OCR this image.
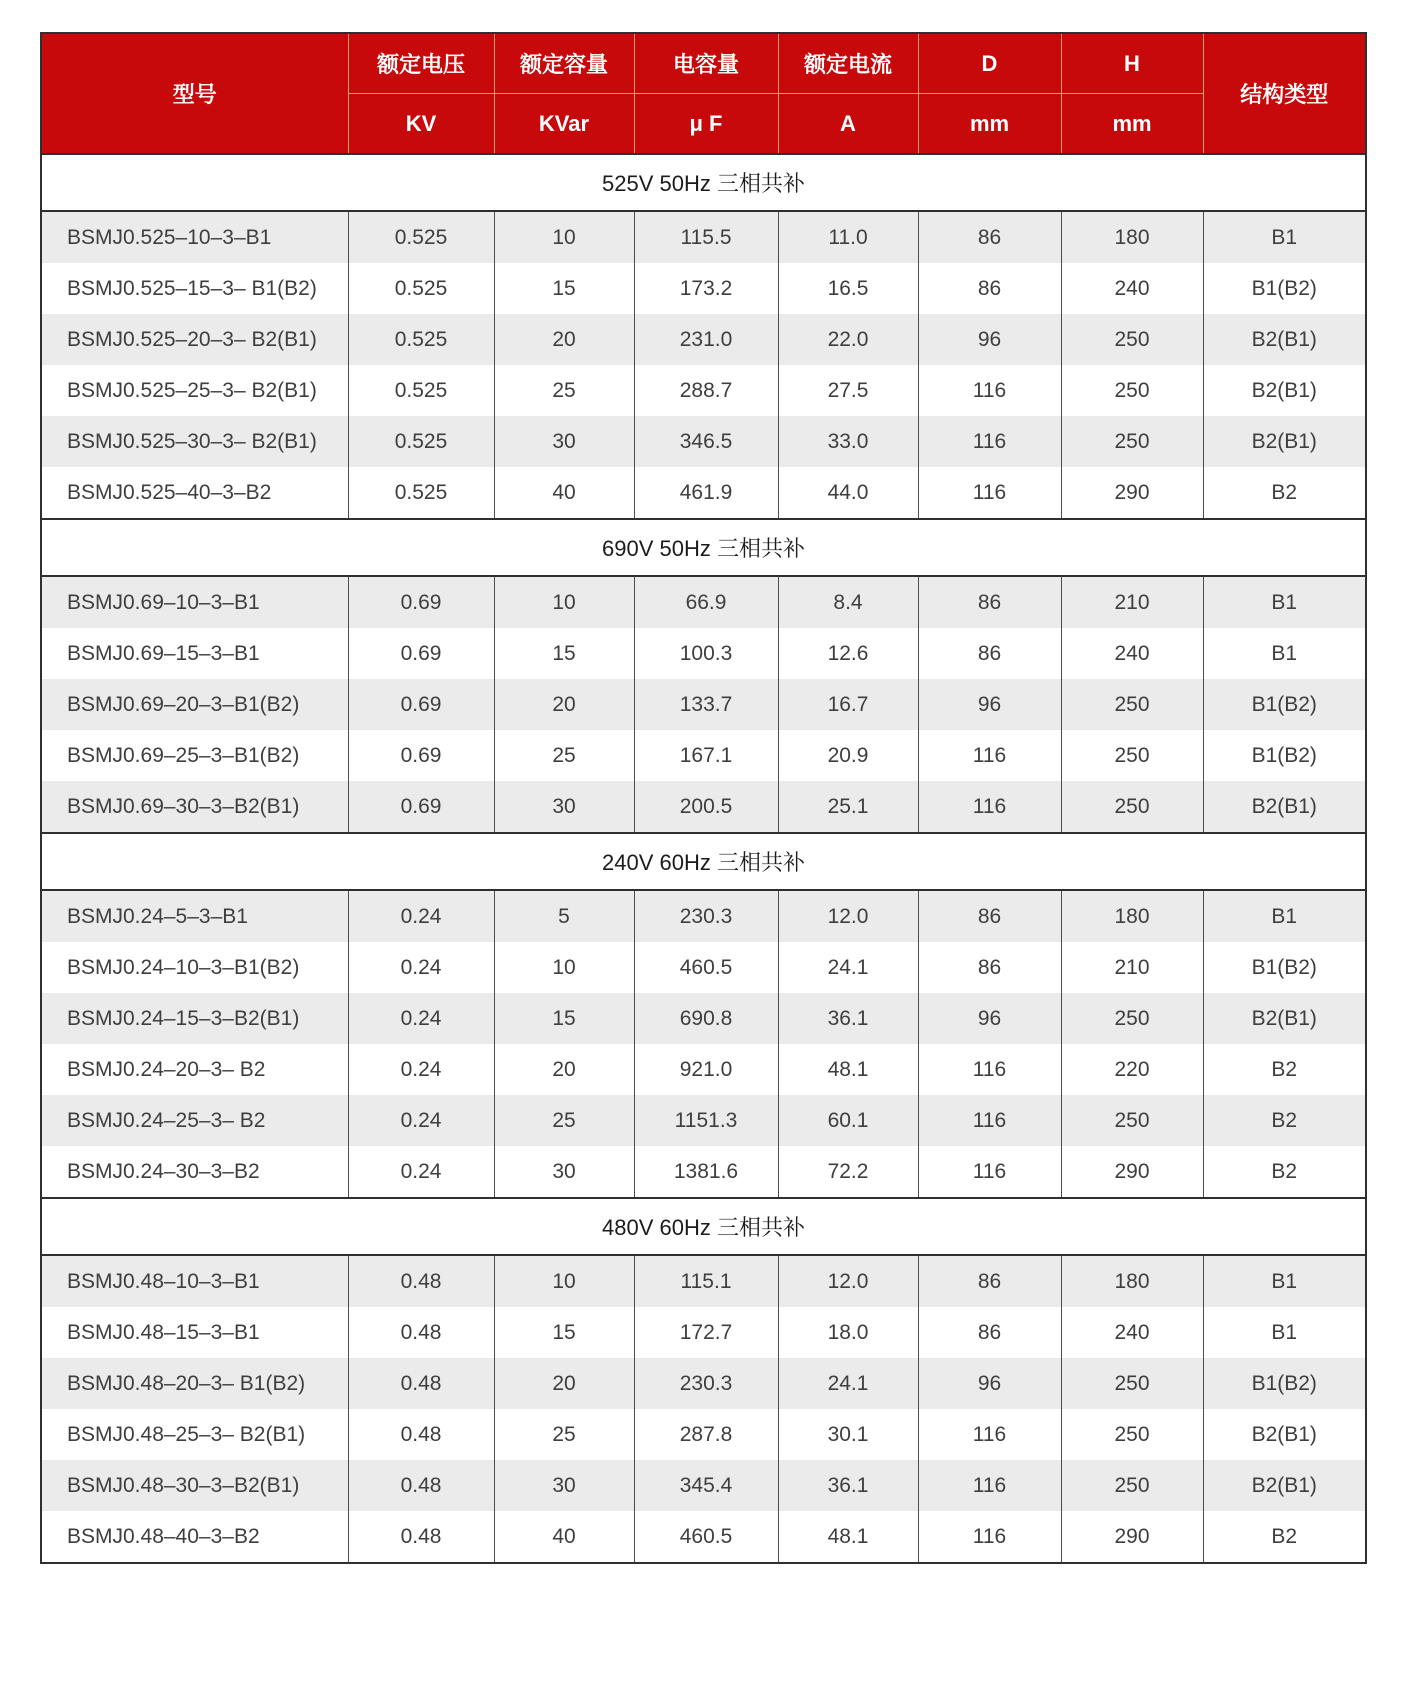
型号	额定电压	额定容量	电容量	额定电流	D	H	结构类型
	KV	KVar	μ F	A	mm	mm	
525V 50Hz 三相共补							
BSMJ0.525–10–3–B1	0.525	10	115.5	11.0	86	180	B1
BSMJ0.525–15–3– B1(B2)	0.525	15	173.2	16.5	86	240	B1(B2)
BSMJ0.525–20–3– B2(B1)	0.525	20	231.0	22.0	96	250	B2(B1)
BSMJ0.525–25–3– B2(B1)	0.525	25	288.7	27.5	116	250	B2(B1)
BSMJ0.525–30–3– B2(B1)	0.525	30	346.5	33.0	116	250	B2(B1)
BSMJ0.525–40–3–B2	0.525	40	461.9	44.0	116	290	B2
690V 50Hz 三相共补							
BSMJ0.69–10–3–B1	0.69	10	66.9	8.4	86	210	B1
BSMJ0.69–15–3–B1	0.69	15	100.3	12.6	86	240	B1
BSMJ0.69–20–3–B1(B2)	0.69	20	133.7	16.7	96	250	B1(B2)
BSMJ0.69–25–3–B1(B2)	0.69	25	167.1	20.9	116	250	B1(B2)
BSMJ0.69–30–3–B2(B1)	0.69	30	200.5	25.1	116	250	B2(B1)
240V 60Hz 三相共补							
BSMJ0.24–5–3–B1	0.24	5	230.3	12.0	86	180	B1
BSMJ0.24–10–3–B1(B2)	0.24	10	460.5	24.1	86	210	B1(B2)
BSMJ0.24–15–3–B2(B1)	0.24	15	690.8	36.1	96	250	B2(B1)
BSMJ0.24–20–3– B2	0.24	20	921.0	48.1	116	220	B2
BSMJ0.24–25–3– B2	0.24	25	1151.3	60.1	116	250	B2
BSMJ0.24–30–3–B2	0.24	30	1381.6	72.2	116	290	B2
480V 60Hz 三相共补							
BSMJ0.48–10–3–B1	0.48	10	115.1	12.0	86	180	B1
BSMJ0.48–15–3–B1	0.48	15	172.7	18.0	86	240	B1
BSMJ0.48–20–3– B1(B2)	0.48	20	230.3	24.1	96	250	B1(B2)
BSMJ0.48–25–3– B2(B1)	0.48	25	287.8	30.1	116	250	B2(B1)
BSMJ0.48–30–3–B2(B1)	0.48	30	345.4	36.1	116	250	B2(B1)
BSMJ0.48–40–3–B2	0.48	40	460.5	48.1	116	290	B2
